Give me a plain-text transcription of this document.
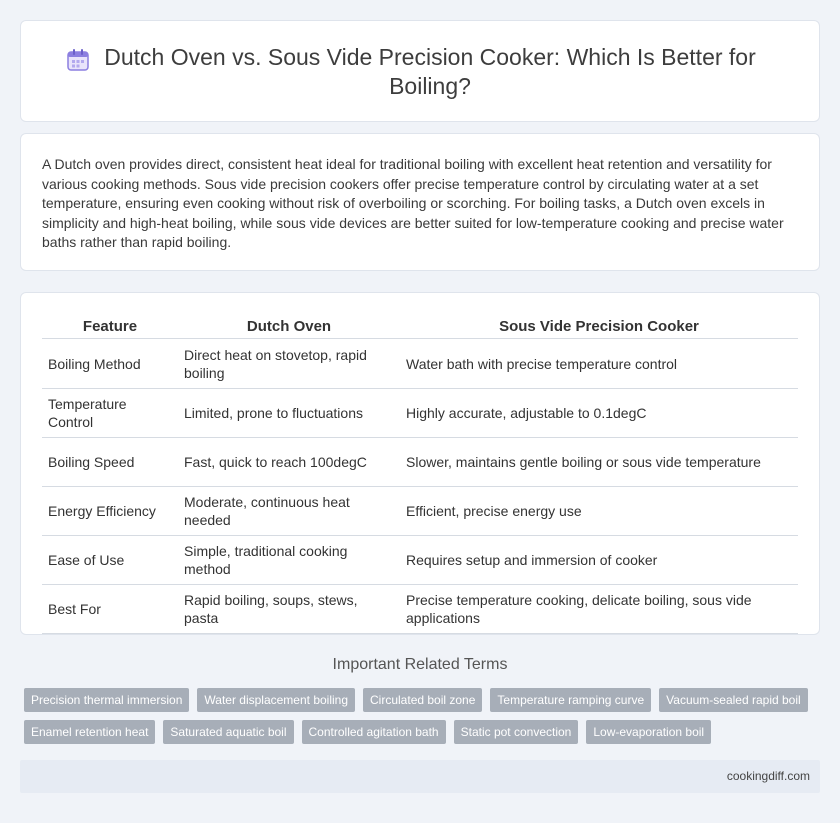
Dutch Oven vs. Sous Vide Precision Cooker: Which Is Better for Boiling?

A Dutch oven provides direct, consistent heat ideal for traditional boiling with excellent heat retention and versatility for various cooking methods. Sous vide precision cookers offer precise temperature control by circulating water at a set temperature, ensuring even cooking without risk of overboiling or scorching. For boiling tasks, a Dutch oven excels in simplicity and high-heat boiling, while sous vide devices are better suited for low-temperature cooking and precise water baths rather than rapid boiling.

Feature	Dutch Oven	Sous Vide Precision Cooker
Boiling Method	Direct heat on stovetop, rapid boiling	Water bath with precise temperature control
Temperature Control	Limited, prone to fluctuations	Highly accurate, adjustable to 0.1degC
Boiling Speed	Fast, quick to reach 100degC	Slower, maintains gentle boiling or sous vide temperature
Energy Efficiency	Moderate, continuous heat needed	Efficient, precise energy use
Ease of Use	Simple, traditional cooking method	Requires setup and immersion of cooker
Best For	Rapid boiling, soups, stews, pasta	Precise temperature cooking, delicate boiling, sous vide applications
Important Related Terms
Precision thermal immersion	Water displacement boiling	Circulated boil zone	Temperature ramping curve	Vacuum-sealed rapid boil
Enamel retention heat	Saturated aquatic boil	Controlled agitation bath	Static pot convection	Low-evaporation boil
cookingdiff.com
